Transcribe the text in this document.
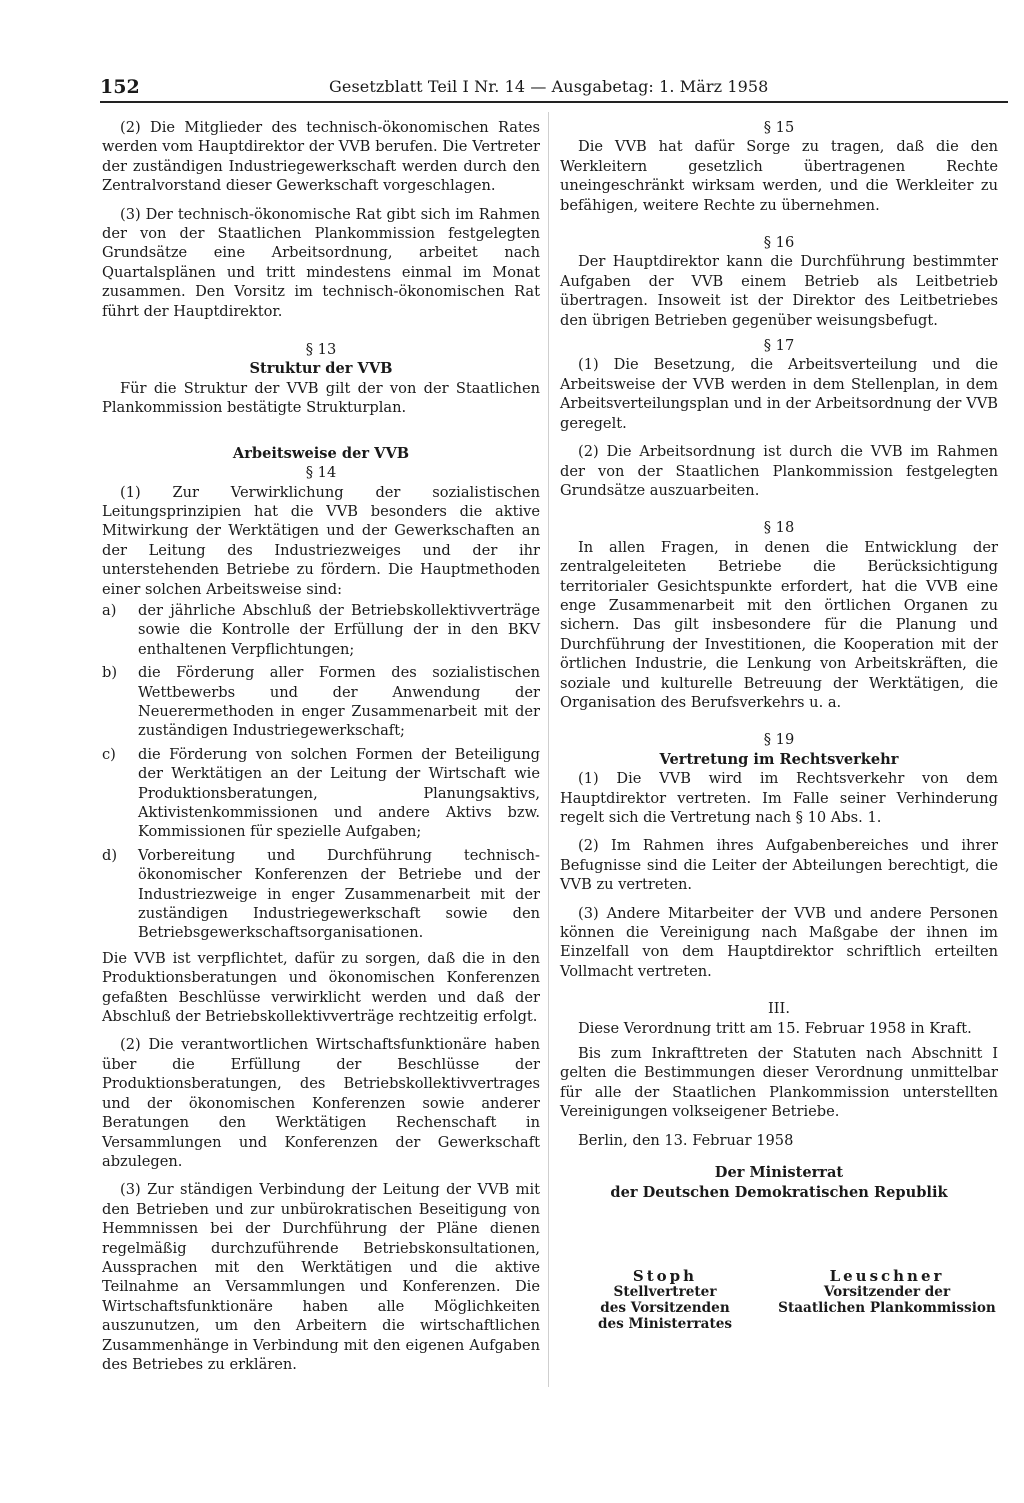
152	Gesetzblatt Teil I Nr. 14 — Ausgabetag: 1. März 1958

(2) Die Mitglieder des technisch-ökonomischen Rates werden vom Hauptdirektor der VVB berufen. Die Vertreter der zuständigen Industriegewerkschaft werden durch den Zentralvorstand dieser Gewerkschaft vorgeschlagen.

(3) Der technisch-ökonomische Rat gibt sich im Rahmen der von der Staatlichen Plankommission festgelegten Grundsätze eine Arbeitsordnung, arbeitet nach Quartalsplänen und tritt mindestens einmal im Monat zusammen. Den Vorsitz im technisch-ökonomischen Rat führt der Hauptdirektor.

§ 13

Struktur der VVB

Für die Struktur der VVB gilt der von der Staatlichen Plankommission bestätigte Strukturplan.

Arbeitsweise der VVB

§ 14

(1) Zur Verwirklichung der sozialistischen Leitungsprinzipien hat die VVB besonders die aktive Mitwirkung der Werktätigen und der Gewerkschaften an der Leitung des Industriezweiges und der ihr unterstehenden Betriebe zu fördern. Die Hauptmethoden einer solchen Arbeitsweise sind:

a)	der jährliche Abschluß der Betriebskollektivverträge sowie die Kontrolle der Erfüllung der in den BKV enthaltenen Verpflichtungen;
b)	die Förderung aller Formen des sozialistischen Wettbewerbs und der Anwendung der Neuerermethoden in enger Zusammenarbeit mit der zuständigen Industriegewerkschaft;
c)	die Förderung von solchen Formen der Beteiligung der Werktätigen an der Leitung der Wirtschaft wie Produktionsberatungen, Planungsaktivs, Aktivistenkommissionen und andere Aktivs bzw. Kommissionen für spezielle Aufgaben;
d)	Vorbereitung und Durchführung technisch-ökonomischer Konferenzen der Betriebe und der Industriezweige in enger Zusammenarbeit mit der zuständigen Industriegewerkschaft sowie den Betriebsgewerkschaftsorganisationen.

Die VVB ist verpflichtet, dafür zu sorgen, daß die in den Produktionsberatungen und ökonomischen Konferenzen gefaßten Beschlüsse verwirklicht werden und daß der Abschluß der Betriebskollektivverträge rechtzeitig erfolgt.

(2) Die verantwortlichen Wirtschaftsfunktionäre haben über die Erfüllung der Beschlüsse der Produktionsberatungen, des Betriebskollektivvertrages und der ökonomischen Konferenzen sowie anderer Beratungen den Werktätigen Rechenschaft in Versammlungen und Konferenzen der Gewerkschaft abzulegen.

(3) Zur ständigen Verbindung der Leitung der VVB mit den Betrieben und zur unbürokratischen Beseitigung von Hemmnissen bei der Durchführung der Pläne dienen regelmäßig durchzuführende Betriebskonsultationen, Aussprachen mit den Werktätigen und die aktive Teilnahme an Versammlungen und Konferenzen. Die Wirtschaftsfunktionäre haben alle Möglichkeiten auszunutzen, um den Arbeitern die wirtschaftlichen Zusammenhänge in Verbindung mit den eigenen Aufgaben des Betriebes zu erklären.

§ 15

Die VVB hat dafür Sorge zu tragen, daß die den Werkleitern gesetzlich übertragenen Rechte uneingeschränkt wirksam werden, und die Werkleiter zu befähigen, weitere Rechte zu übernehmen.

§ 16

Der Hauptdirektor kann die Durchführung bestimmter Aufgaben der VVB einem Betrieb als Leitbetrieb übertragen. Insoweit ist der Direktor des Leitbetriebes den übrigen Betrieben gegenüber weisungsbefugt.

§ 17

(1) Die Besetzung, die Arbeitsverteilung und die Arbeitsweise der VVB werden in dem Stellenplan, in dem Arbeitsverteilungsplan und in der Arbeitsordnung der VVB geregelt.

(2) Die Arbeitsordnung ist durch die VVB im Rahmen der von der Staatlichen Plankommission festgelegten Grundsätze auszuarbeiten.

§ 18

In allen Fragen, in denen die Entwicklung der zentralgeleiteten Betriebe die Berücksichtigung territorialer Gesichtspunkte erfordert, hat die VVB eine enge Zusammenarbeit mit den örtlichen Organen zu sichern. Das gilt insbesondere für die Planung und Durchführung der Investitionen, die Kooperation mit der örtlichen Industrie, die Lenkung von Arbeitskräften, die soziale und kulturelle Betreuung der Werktätigen, die Organisation des Berufsverkehrs u. a.

§ 19

Vertretung im Rechtsverkehr

(1) Die VVB wird im Rechtsverkehr von dem Hauptdirektor vertreten. Im Falle seiner Verhinderung regelt sich die Vertretung nach § 10 Abs. 1.

(2) Im Rahmen ihres Aufgabenbereiches und ihrer Befugnisse sind die Leiter der Abteilungen berechtigt, die VVB zu vertreten.

(3) Andere Mitarbeiter der VVB und andere Personen können die Vereinigung nach Maßgabe der ihnen im Einzelfall von dem Hauptdirektor schriftlich erteilten Vollmacht vertreten.

III.

Diese Verordnung tritt am 15. Februar 1958 in Kraft.

Bis zum Inkrafttreten der Statuten nach Abschnitt I gelten die Bestimmungen dieser Verordnung unmittelbar für alle der Staatlichen Plankommission unterstellten Vereinigungen volkseigener Betriebe.

Berlin, den 13. Februar 1958

Der Ministerrat

der Deutschen Demokratischen Republik

Stoph
Stellvertreter
des Vorsitzenden
des Ministerrates
Leuschner
Vorsitzender der
Staatlichen Plankommission
